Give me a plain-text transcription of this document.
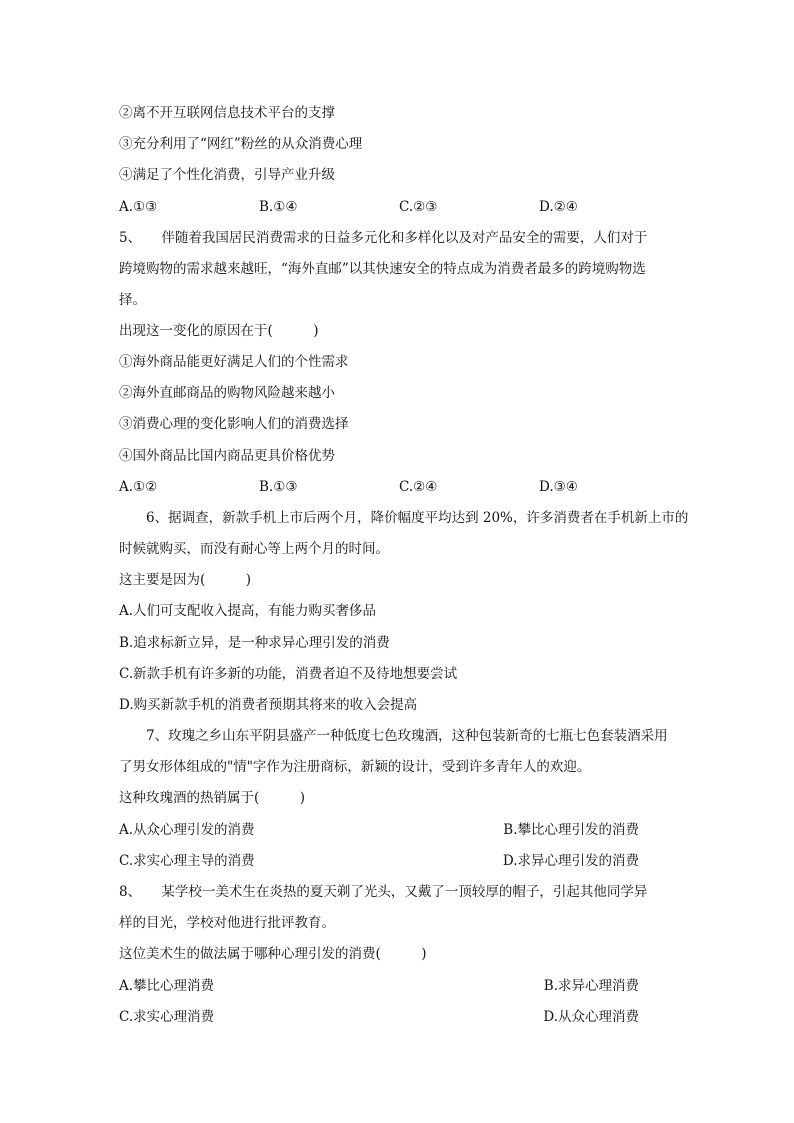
②离不开互联网信息技术平台的支撑
③充分利用了“网红”粉丝的从众消费心理
④满足了个性化消费，引导产业升级
A.①③	B.①④	C.②③	D.②④
5、　　伴随着我国居民消费需求的日益多元化和多样化以及对产品安全的需要，人们对于
跨境购物的需求越来越旺，“海外直邮”以其快速安全的特点成为消费者最多的跨境购物选
择。
出现这一变化的原因在于(　　　)
①海外商品能更好满足人们的个性需求
②海外直邮商品的购物风险越来越小
③消费心理的变化影响人们的消费选择
④国外商品比国内商品更具价格优势
A.①②	B.①③	C.②④	D.③④
6、据调查，新款手机上市后两个月，降价幅度平均达到 20%，许多消费者在手机新上市的
时候就购买，而没有耐心等上两个月的时间。
这主要是因为(　　　)
A.人们可支配收入提高，有能力购买奢侈品
B.追求标新立异，是一种求异心理引发的消费
C.新款手机有许多新的功能，消费者迫不及待地想要尝试
D.购买新款手机的消费者预期其将来的收入会提高
7、玫瑰之乡山东平阴县盛产一种低度七色玫瑰酒，这种包装新奇的七瓶七色套装酒采用
了男女形体组成的"情"字作为注册商标，新颖的设计，受到许多青年人的欢迎。
这种玫瑰酒的热销属于(　　　)
A.从众心理引发的消费	B.攀比心理引发的消费
C.求实心理主导的消费	D.求异心理引发的消费
8、　　某学校一美术生在炎热的夏天剃了光头，又戴了一顶较厚的帽子，引起其他同学异
样的目光，学校对他进行批评教育。
这位美术生的做法属于哪种心理引发的消费(　　　)
A.攀比心理消费	B.求异心理消费
C.求实心理消费	D.从众心理消费
